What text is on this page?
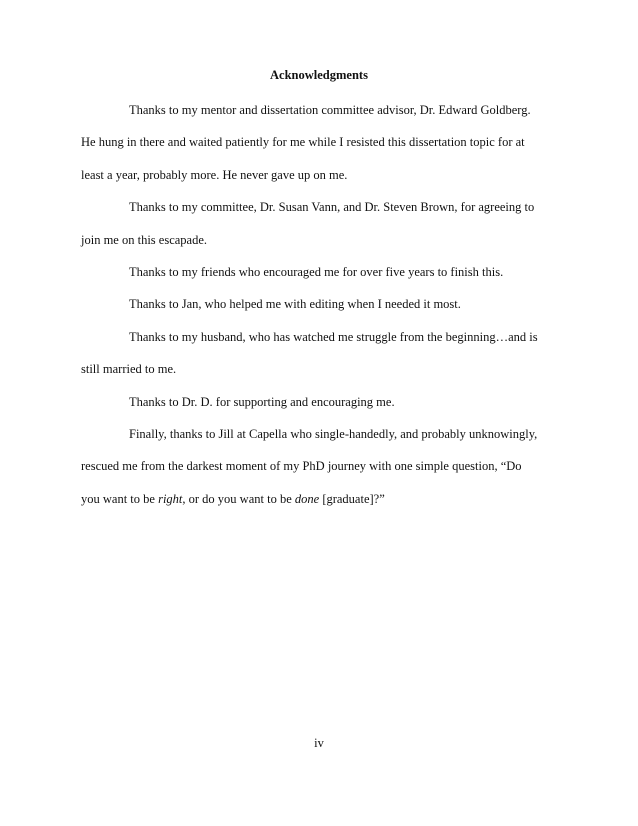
Acknowledgments
Thanks to my mentor and dissertation committee advisor, Dr. Edward Goldberg.
He hung in there and waited patiently for me while I resisted this dissertation topic for at
least a year, probably more. He never gave up on me.
Thanks to my committee, Dr. Susan Vann, and Dr. Steven Brown, for agreeing to
join me on this escapade.
Thanks to my friends who encouraged me for over five years to finish this.
Thanks to Jan, who helped me with editing when I needed it most.
Thanks to my husband, who has watched me struggle from the beginning…and is
still married to me.
Thanks to Dr. D. for supporting and encouraging me.
Finally, thanks to Jill at Capella who single-handedly, and probably unknowingly,
rescued me from the darkest moment of my PhD journey with one simple question, “Do
you want to be right, or do you want to be done [graduate]?”
iv
